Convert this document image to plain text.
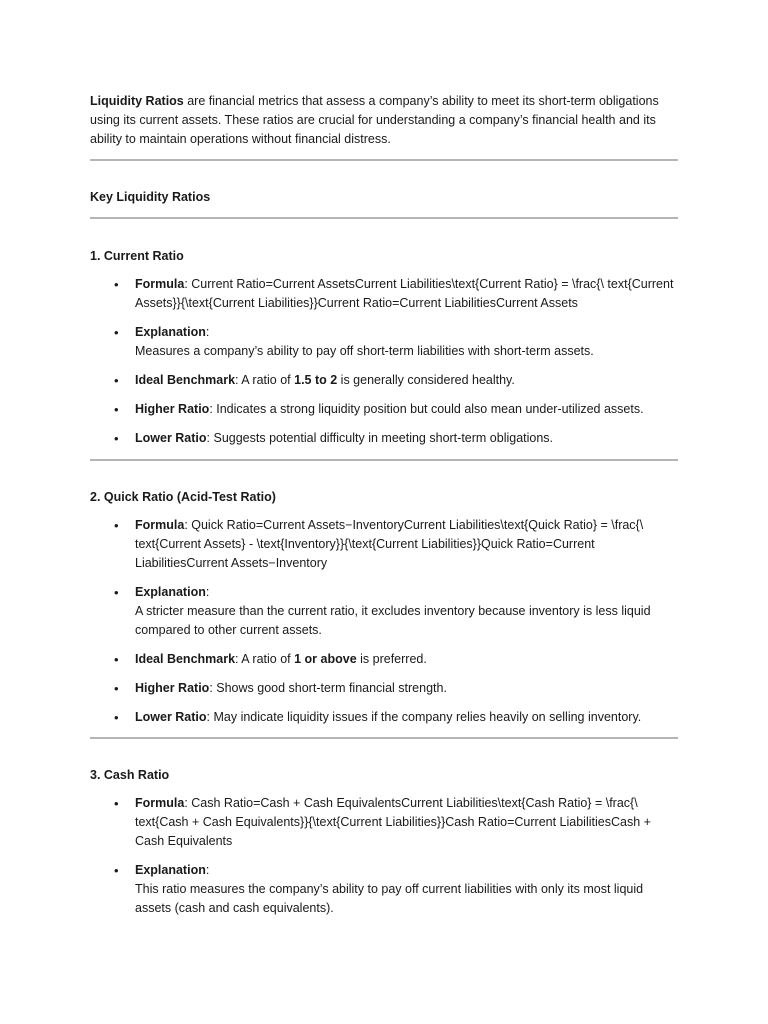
Liquidity Ratios are financial metrics that assess a company’s ability to meet its short-term obligations using its current assets. These ratios are crucial for understanding a company’s financial health and its ability to maintain operations without financial distress.

Key Liquidity Ratios
1. Current Ratio
• Formula: Current Ratio=Current AssetsCurrent Liabilities\text{Current Ratio} = \frac{\ text{Current Assets}}{\text{Current Liabilities}}Current Ratio=Current LiabilitiesCurrent Assets
• Explanation:
Measures a company’s ability to pay off short-term liabilities with short-term assets.
• Ideal Benchmark: A ratio of 1.5 to 2 is generally considered healthy.
• Higher Ratio: Indicates a strong liquidity position but could also mean under-utilized assets.
• Lower Ratio: Suggests potential difficulty in meeting short-term obligations.
2. Quick Ratio (Acid-Test Ratio)
• Formula: Quick Ratio=Current Assets−InventoryCurrent Liabilities\text{Quick Ratio} = \frac{\ text{Current Assets} - \text{Inventory}}{\text{Current Liabilities}}Quick Ratio=Current LiabilitiesCurrent Assets−Inventory
• Explanation:
A stricter measure than the current ratio, it excludes inventory because inventory is less liquid compared to other current assets.
• Ideal Benchmark: A ratio of 1 or above is preferred.
• Higher Ratio: Shows good short-term financial strength.
• Lower Ratio: May indicate liquidity issues if the company relies heavily on selling inventory.
3. Cash Ratio
• Formula: Cash Ratio=Cash + Cash EquivalentsCurrent Liabilities\text{Cash Ratio} = \frac{\ text{Cash + Cash Equivalents}}{\text{Current Liabilities}}Cash Ratio=Current LiabilitiesCash + Cash Equivalents
• Explanation:
This ratio measures the company’s ability to pay off current liabilities with only its most liquid assets (cash and cash equivalents).
